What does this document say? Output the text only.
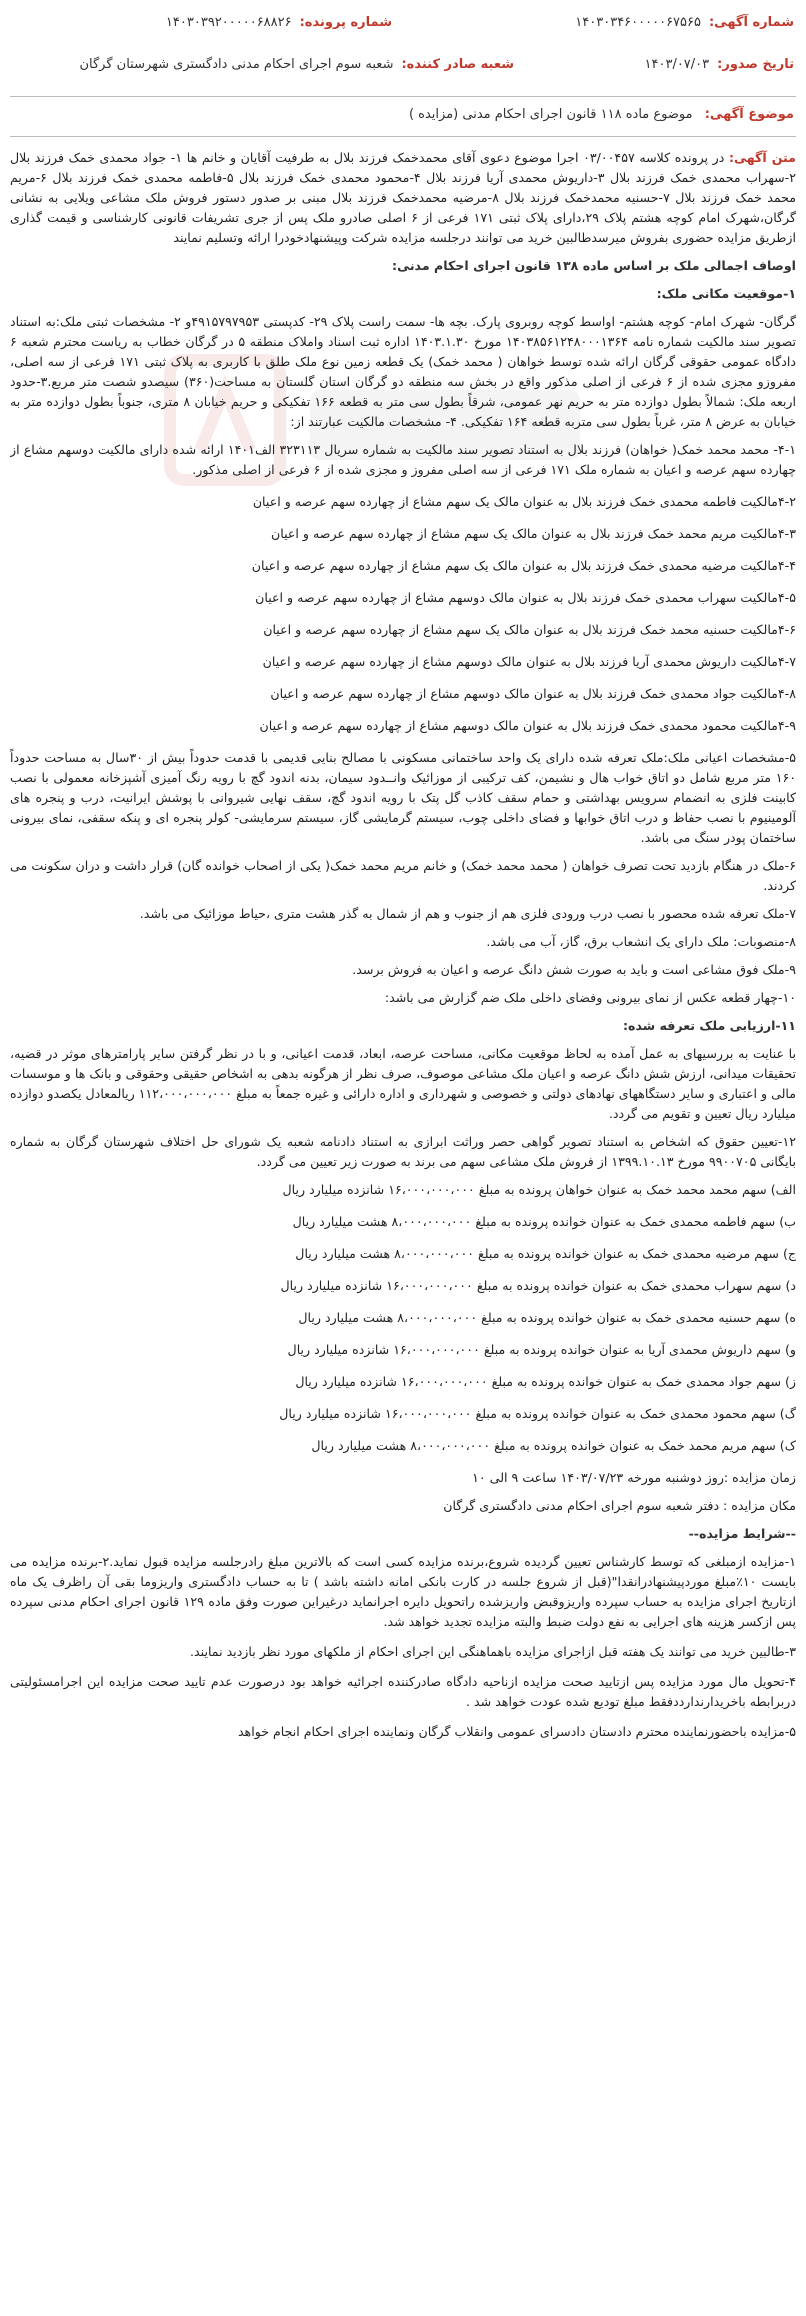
شماره آگهی:۱۴۰۳۰۳۴۶۰۰۰۰۰۶۷۵۶۵
شماره پرونده:۱۴۰۳۰۳۹۲۰۰۰۰۰۶۸۸۲۶
تاریخ صدور:۱۴۰۳/۰۷/۰۳
شعبه صادر کننده:شعبه سوم اجرای احکام مدنی دادگستری شهرستان گرگان
موضوع آگهی: موضوع ماده ۱۱۸ قانون اجرای احکام مدنی (مزایده )

متن آگهی: در پرونده کلاسه ۰۳/۰۰۴۵۷ اجرا موضوع دعوی آقای محمدخمک فرزند بلال به طرفیت آقایان و خانم ها ۱- جواد محمدی خمک فرزند بلال ۲-سهراب محمدی خمک فرزند بلال ۳-داریوش محمدی آریا فرزند بلال ۴-محمود محمدی خمک فرزند بلال ۵-فاطمه محمدی خمک فرزند بلال ۶-مریم محمد خمک فرزند بلال ۷-حسنیه محمدخمک فرزند بلال ۸-مرضیه محمدخمک فرزند بلال مبنی بر صدور دستور فروش ملک مشاعی ویلایی به نشانی گرگان،شهرک امام کوچه هشتم پلاک ۲۹،دارای پلاک ثبتی ۱۷۱ فرعی از ۶ اصلی صادرو ملک پس از جری تشریفات قانونی کارشناسی و قیمت گذاری ازطریق مزایده حضوری بفروش میرسدطالبین خرید می توانند درجلسه مزایده شرکت وپیشنهادخودرا ارائه وتسلیم نمایند

اوصاف اجمالی ملک بر اساس ماده ۱۳۸ قانون اجرای احکام مدنی:

۱-موقعیت مکانی ملک:

گرگان- شهرک امام- کوچه هشتم- اواسط کوچه روبروی پارک. بچه ها- سمت راست پلاک ۲۹- کدپستی ۴۹۱۵۷۹۷۹۵۳و ۲- مشخصات ثبتی ملک:به استناد تصویر سند مالکیت شماره نامه ۱۴۰۳۸۵۶۱۲۴۸۰۰۰۱۳۶۴ مورخ ۱۴۰۳.۱.۳۰ اداره ثبت اسناد واملاک منطقه ۵ در گرگان خطاب به ریاست محترم شعبه ۶ دادگاه عمومی حقوقی گرگان ارائه شده توسط خواهان ( محمد خمک) یک قطعه زمین نوع ملک طلق با کاربری به پلاک ثبتی ۱۷۱ فرعی از سه اصلی، مفروزو مجزی شده از ۶ فرعی از اصلی مذکور واقع در بخش سه منطقه دو گرگان استان گلستان به مساحت(۳۶۰) سیصدو شصت متر مربع.۳-حدود اربعه ملک: شمالاً بطول دوازده متر به حریم نهر عمومی، شرقاً بطول سی متر به قطعه ۱۶۶ تفکیکی و حریم خیابان ۸ متری، جنوباً بطول دوازده متر به خیابان به عرض ۸ متر، غرباً بطول سی متربه قطعه ۱۶۴ تفکیکی. ۴- مشخصات مالکیت عبارتند از:

۴-۱- محمد محمد خمک( خواهان) فرزند بلال به استناد تصویر سند مالکیت به شماره سریال ۳۲۳۱۱۳ الف۱۴۰۱ ارائه شده دارای مالکیت دوسهم مشاع از چهارده سهم عرصه و اعیان به شماره ملک ۱۷۱ فرعی از سه اصلی مفروز و مجزی شده از ۶ فرعی از اصلی مذکور.

۴-۲مالکیت فاطمه محمدی خمک فرزند بلال به عنوان مالک یک سهم مشاع از چهارده سهم عرصه و اعیان

۴-۳مالکیت مریم محمد خمک فرزند بلال به عنوان مالک یک سهم مشاع از چهارده سهم عرصه و اعیان

۴-۴مالکیت مرضیه محمدی خمک فرزند بلال به عنوان مالک یک سهم مشاع از چهارده سهم عرصه و اعیان

۴-۵مالکیت سهراب محمدی خمک فرزند بلال به عنوان مالک دوسهم مشاع از چهارده سهم عرصه و اعیان

۴-۶مالکیت حسنیه محمد خمک فرزند بلال به عنوان مالک یک سهم مشاع از چهارده سهم عرصه و اعیان

۴-۷مالکیت داریوش محمدی آریا فرزند بلال به عنوان مالک دوسهم مشاع از چهارده سهم عرصه و اعیان

۴-۸مالکیت جواد محمدی خمک فرزند بلال به عنوان مالک دوسهم مشاع از چهارده سهم عرصه و اعیان

۴-۹مالکیت محمود محمدی خمک فرزند بلال به عنوان مالک دوسهم مشاع از چهارده سهم عرصه و اعیان

۵-مشخصات اعیانی ملک:ملک تعرفه شده دارای یک واحد ساختمانی مسکونی با مصالح بنایی قدیمی با قدمت حدوداً بیش از ۳۰سال به مساحت حدوداً ۱۶۰ متر مربع شامل دو اتاق خواب هال و نشیمن، کف ترکیبی از موزائیک وانــدود سیمان، بدنه اندود گچ با رویه رنگ آمیزی آشپزخانه معمولی با نصب کابینت فلزی به انضمام سرویس بهداشتی و حمام سقف کاذب گل پتک با رویه اندود گچ، سقف نهایی شیروانی با پوشش ایرانیت، درب و پنجره های آلومینیوم با نصب حفاظ و درب اتاق خوابها و فضای داخلی چوب، سیستم گرمایشی گاز، سیستم سرمایشی- کولر پنجره ای و پنکه سقفی، نمای بیرونی ساختمان پودر سنگ می باشد.

۶-ملک در هنگام بازدید تحت تصرف خواهان ( محمد محمد خمک) و خانم مریم محمد خمک( یکی از اصحاب خوانده گان) قرار داشت و دران سکونت می کردند.

۷-ملک تعرفه شده محصور با نصب درب ورودی فلزی هم از جنوب و هم از شمال به گذر هشت متری ،حیاط موزائیک می باشد.

۸-منصوبات: ملک دارای یک انشعاب برق، گاز، آب می باشد.

۹-ملک فوق مشاعی است و باید به صورت شش دانگ عرصه و اعیان به فروش برسد.

۱۰-چهار قطعه عکس از نمای بیرونی وفضای داخلی ملک ضم گزارش می باشد:

۱۱-ارزیابی ملک تعرفه شده:

با عنایت به بررسیهای به عمل آمده به لحاظ موقعیت مکانی، مساحت عرصه، ابعاد، قدمت اعیانی، و با در نظر گرفتن سایر پارامترهای موثر در قضیه، تحقیقات میدانی، ارزش شش دانگ عرصه و اعیان ملک مشاعی موصوف، صرف نظر از هرگونه بدهی به اشخاص حقیقی وحقوقی و بانک ها و موسسات مالی و اعتباری و سایر دستگاههای نهادهای دولتی و خصوصی و شهرداری و اداره دارائی و غیره جمعاً به مبلغ ۱۱۲،۰۰۰،۰۰۰،۰۰۰ ریالمعادل یکصدو دوازده میلیارد ریال تعیین و تقویم می گردد.

۱۲-تعیین حقوق که اشخاص به استناد تصویر گواهی حصر وراثت ابرازی به استناد دادنامه شعبه یک شورای حل اختلاف شهرستان گرگان به شماره بایگانی ۹۹۰۰۷۰۵ مورخ ۱۳۹۹.۱۰.۱۳ از فروش ملک مشاعی سهم می برند به صورت زیر تعیین می گردد.

الف) سهم محمد محمد خمک به عنوان خواهان پرونده به مبلغ ۱۶،۰۰۰،۰۰۰،۰۰۰ شانزده میلیارد ریال

ب) سهم فاطمه محمدی خمک به عنوان خوانده پرونده به مبلغ ۸،۰۰۰،۰۰۰،۰۰۰ هشت میلیارد ریال

ج) سهم مرضیه محمدی خمک به عنوان خوانده پرونده به مبلغ ۸،۰۰۰،۰۰۰،۰۰۰ هشت میلیارد ریال

د) سهم سهراب محمدی خمک به عنوان خوانده پرونده به مبلغ ۱۶،۰۰۰،۰۰۰،۰۰۰ شانزده میلیارد ریال

ه) سهم حسنیه محمدی خمک به عنوان خوانده پرونده به مبلغ ۸،۰۰۰،۰۰۰،۰۰۰ هشت میلیارد ریال

و) سهم داریوش محمدی آریا به عنوان خوانده پرونده به مبلغ ۱۶،۰۰۰،۰۰۰،۰۰۰ شانزده میلیارد ریال

ز) سهم جواد محمدی خمک به عنوان خوانده پرونده به مبلغ ۱۶،۰۰۰،۰۰۰،۰۰۰ شانزده میلیارد ریال

گ) سهم محمود محمدی خمک به عنوان خوانده پرونده به مبلغ ۱۶،۰۰۰،۰۰۰،۰۰۰ شانزده میلیارد ریال

ک) سهم مریم محمد خمک به عنوان خوانده پرونده به مبلغ ۸،۰۰۰،۰۰۰،۰۰۰ هشت میلیارد ریال

زمان مزایده :روز دوشنبه مورخه ۱۴۰۳/۰۷/۲۳ ساعت ۹ الی ۱۰

مکان مزایده : دفتر شعبه سوم اجرای احکام مدنی دادگستری گرگان

--شرایط مزایده--

۱-مزایده ازمبلغی که توسط کارشناس تعیین گردیده شروع،برنده مزایده کسی است که بالاترین مبلغ رادرجلسه مزایده قبول نماید.۲-برنده مزایده می بایست ۱۰٪مبلغ موردپیشنهادرانقدا"(قبل از شروع جلسه در کارت بانکی امانه داشته باشد ) تا به حساب دادگستری واریزوما بقی آن راظرف یک ماه ازتاریخ اجرای مزایده به حساب سپرده واریزوقبض واریزشده راتحویل دایره اجرانماید درغیراین صورت وفق ماده ۱۲۹ قانون اجرای احکام مدنی سپرده پس ازکسر هزینه های اجرایی به نفع دولت ضبط والبته مزایده تجدید خواهد شد.

۳-طالبین خرید می توانند یک هفته قبل ازاجرای مزایده باهماهنگی این اجرای احکام از ملکهای مورد نظر بازدید نمایند.

۴-تحویل مال مورد مزایده پس ازتایید صحت مزایده ازناحیه دادگاه صادرکننده اجرائیه خواهد بود درصورت عدم تایید صحت مزایده این اجرامسئولیتی دربرابطه باخریدارندارددفقط مبلغ تودیع شده عودت خواهد شد .

۵-مزایده باحضورنماینده محترم دادستان دادسرای عمومی وانقلاب گرگان ونماینده اجرای احکام انجام خواهد
